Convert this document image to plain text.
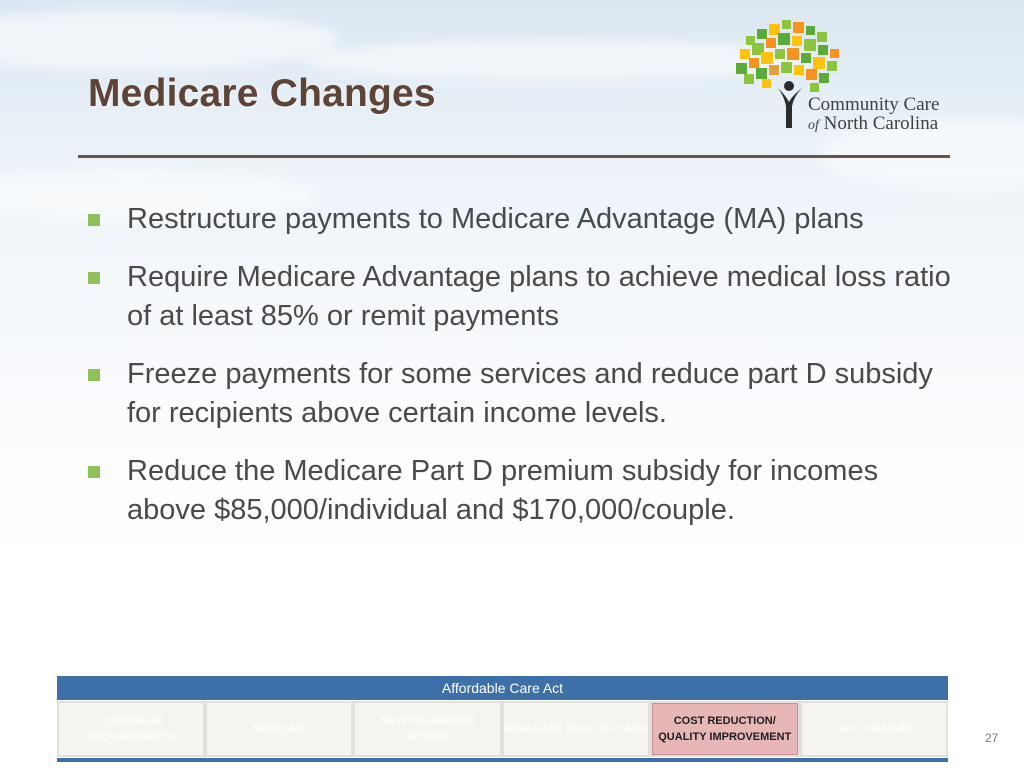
Medicare Changes	Community Care
of North Carolina
Restructure payments to Medicare Advantage (MA) plans
Require Medicare Advantage plans to achieve medical loss ratio of at least 85% or remit payments
Freeze payments for some services and reduce part D subsidy for recipients above certain income levels.
Reduce the Medicare Part D premium subsidy for incomes above $85,000/individual and $170,000/couple.
Affordable Care Act
COVERAGE REQUIREMENTS
MEDICAID
NEW INSURANCE OPTIONS
REGULATE HEALTH PLANS
COST REDUCTION/ QUALITY IMPROVEMENT
TAX CHANGES
27
